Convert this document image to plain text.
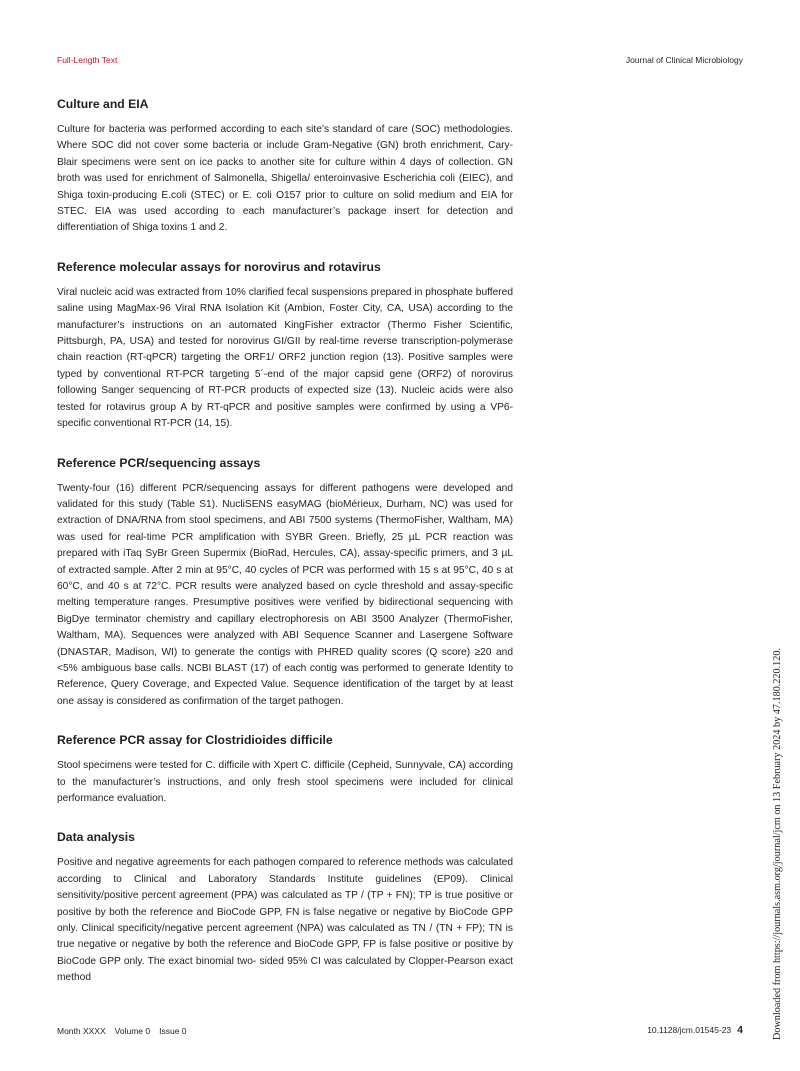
Full-Length Text	Journal of Clinical Microbiology
Culture and EIA

Culture for bacteria was performed according to each site’s standard of care (SOC) methodologies. Where SOC did not cover some bacteria or include Gram-Negative (GN) broth enrichment, Cary-Blair specimens were sent on ice packs to another site for culture within 4 days of collection. GN broth was used for enrichment of Salmonella, Shigella/ enteroinvasive Escherichia coli (EIEC), and Shiga toxin-producing E.coli (STEC) or E. coli O157 prior to culture on solid medium and EIA for STEC. EIA was used according to each manufacturer’s package insert for detection and differentiation of Shiga toxins 1 and 2.

Reference molecular assays for norovirus and rotavirus

Viral nucleic acid was extracted from 10% clarified fecal suspensions prepared in phosphate buffered saline using MagMax-96 Viral RNA Isolation Kit (Ambion, Foster City, CA, USA) according to the manufacturer’s instructions on an automated KingFisher extractor (Thermo Fisher Scientific, Pittsburgh, PA, USA) and tested for norovirus GI/GII by real-time reverse transcription-polymerase chain reaction (RT-qPCR) targeting the ORF1/ ORF2 junction region (13). Positive samples were typed by conventional RT-PCR targeting 5´-end of the major capsid gene (ORF2) of norovirus following Sanger sequencing of RT-PCR products of expected size (13). Nucleic acids were also tested for rotavirus group A by RT-qPCR and positive samples were confirmed by using a VP6-specific conventional RT-PCR (14, 15).

Reference PCR/sequencing assays

Twenty-four (16) different PCR/sequencing assays for different pathogens were developed and validated for this study (Table S1). NucliSENS easyMAG (bioMérieux, Durham, NC) was used for extraction of DNA/RNA from stool specimens, and ABI 7500 systems (ThermoFisher, Waltham, MA) was used for real-time PCR amplification with SYBR Green. Briefly, 25 µL PCR reaction was prepared with iTaq SyBr Green Supermix (BioRad, Hercules, CA), assay-specific primers, and 3 µL of extracted sample. After 2 min at 95°C, 40 cycles of PCR was performed with 15 s at 95°C, 40 s at 60°C, and 40 s at 72°C. PCR results were analyzed based on cycle threshold and assay-specific melting temperature ranges. Presumptive positives were verified by bidirectional sequencing with BigDye terminator chemistry and capillary electrophoresis on ABI 3500 Analyzer (ThermoFisher, Waltham, MA). Sequences were analyzed with ABI Sequence Scanner and Lasergene Software (DNASTAR, Madison, WI) to generate the contigs with PHRED quality scores (Q score) ≥20 and <5% ambiguous base calls. NCBI BLAST (17) of each contig was performed to generate Identity to Reference, Query Coverage, and Expected Value. Sequence identification of the target by at least one assay is considered as confirmation of the target pathogen.

Reference PCR assay for Clostridioides difficile

Stool specimens were tested for C. difficile with Xpert C. difficile (Cepheid, Sunnyvale, CA) according to the manufacturer’s instructions, and only fresh stool specimens were included for clinical performance evaluation.

Data analysis

Positive and negative agreements for each pathogen compared to reference methods was calculated according to Clinical and Laboratory Standards Institute guidelines (EP09). Clinical sensitivity/positive percent agreement (PPA) was calculated as TP / (TP + FN); TP is true positive or positive by both the reference and BioCode GPP, FN is false negative or negative by BioCode GPP only. Clinical specificity/negative percent agreement (NPA) was calculated as TN / (TN + FP); TN is true negative or negative by both the reference and BioCode GPP, FP is false positive or positive by BioCode GPP only. The exact binomial two- sided 95% CI was calculated by Clopper-Pearson exact method

Month XXXX Volume 0 Issue 0	10.1128/jcm.01545-23 4	Downloaded from https://journals.asm.org/journal/jcm on 13 February 2024 by 47.180.220.120.
